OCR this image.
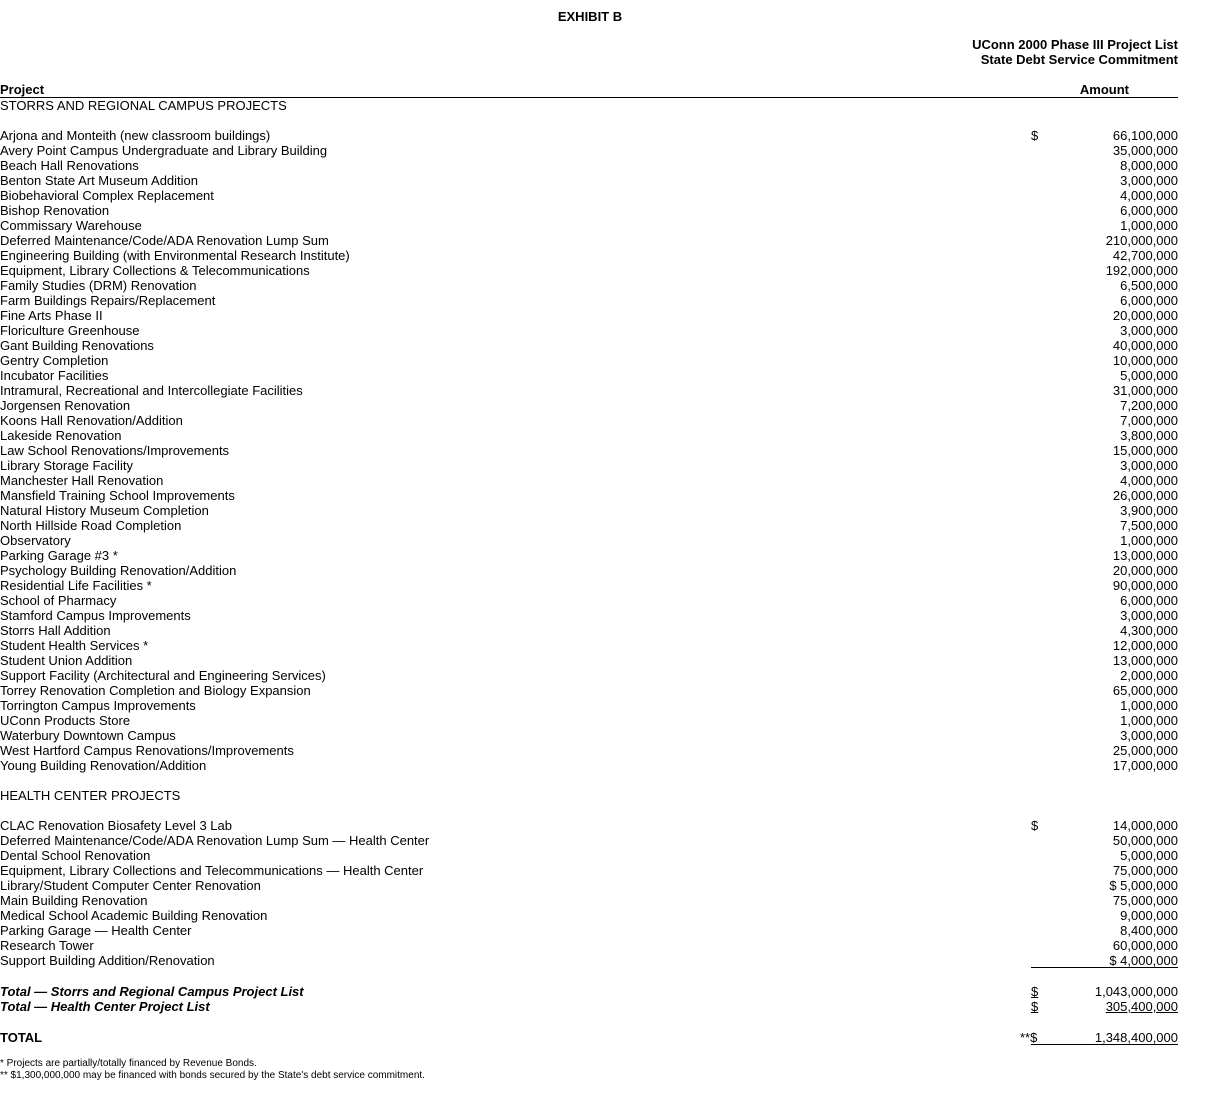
EXHIBIT B
UConn 2000 Phase III Project List
State Debt Service Commitment
Project	Amount
STORRS AND REGIONAL CAMPUS PROJECTS
Arjona and Monteith (new classroom buildings)	$	66,100,000
Avery Point Campus Undergraduate and Library Building	35,000,000
Beach Hall Renovations	8,000,000
Benton State Art Museum Addition	3,000,000
Biobehavioral Complex Replacement	4,000,000
Bishop Renovation	6,000,000
Commissary Warehouse	1,000,000
Deferred Maintenance/Code/ADA Renovation Lump Sum	210,000,000
Engineering Building (with Environmental Research Institute)	42,700,000
Equipment, Library Collections & Telecommunications	192,000,000
Family Studies (DRM) Renovation	6,500,000
Farm Buildings Repairs/Replacement	6,000,000
Fine Arts Phase II	20,000,000
Floriculture Greenhouse	3,000,000
Gant Building Renovations	40,000,000
Gentry Completion	10,000,000
Incubator Facilities	5,000,000
Intramural, Recreational and Intercollegiate Facilities	31,000,000
Jorgensen Renovation	7,200,000
Koons Hall Renovation/Addition	7,000,000
Lakeside Renovation	3,800,000
Law School Renovations/Improvements	15,000,000
Library Storage Facility	3,000,000
Manchester Hall Renovation	4,000,000
Mansfield Training School Improvements	26,000,000
Natural History Museum Completion	3,900,000
North Hillside Road Completion	7,500,000
Observatory	1,000,000
Parking Garage #3 *	13,000,000
Psychology Building Renovation/Addition	20,000,000
Residential Life Facilities *	90,000,000
School of Pharmacy	6,000,000
Stamford Campus Improvements	3,000,000
Storrs Hall Addition	4,300,000
Student Health Services *	12,000,000
Student Union Addition	13,000,000
Support Facility (Architectural and Engineering Services)	2,000,000
Torrey Renovation Completion and Biology Expansion	65,000,000
Torrington Campus Improvements	1,000,000
UConn Products Store	1,000,000
Waterbury Downtown Campus	3,000,000
West Hartford Campus Renovations/Improvements	25,000,000
Young Building Renovation/Addition	17,000,000
HEALTH CENTER PROJECTS
CLAC Renovation Biosafety Level 3 Lab	$	14,000,000
Deferred Maintenance/Code/ADA Renovation Lump Sum — Health Center	50,000,000
Dental School Renovation	5,000,000
Equipment, Library Collections and Telecommunications — Health Center	75,000,000
Library/Student Computer Center Renovation	$ 5,000,000
Main Building Renovation	75,000,000
Medical School Academic Building Renovation	9,000,000
Parking Garage — Health Center	8,400,000
Research Tower	60,000,000
Support Building Addition/Renovation	$ 4,000,000
Total — Storrs and Regional Campus Project List	$	1,043,000,000
Total — Health Center Project List	$	305,400,000
TOTAL	**$	1,348,400,000
* Projects are partially/totally financed by Revenue Bonds.
** $1,300,000,000 may be financed with bonds secured by the State's debt service commitment.
